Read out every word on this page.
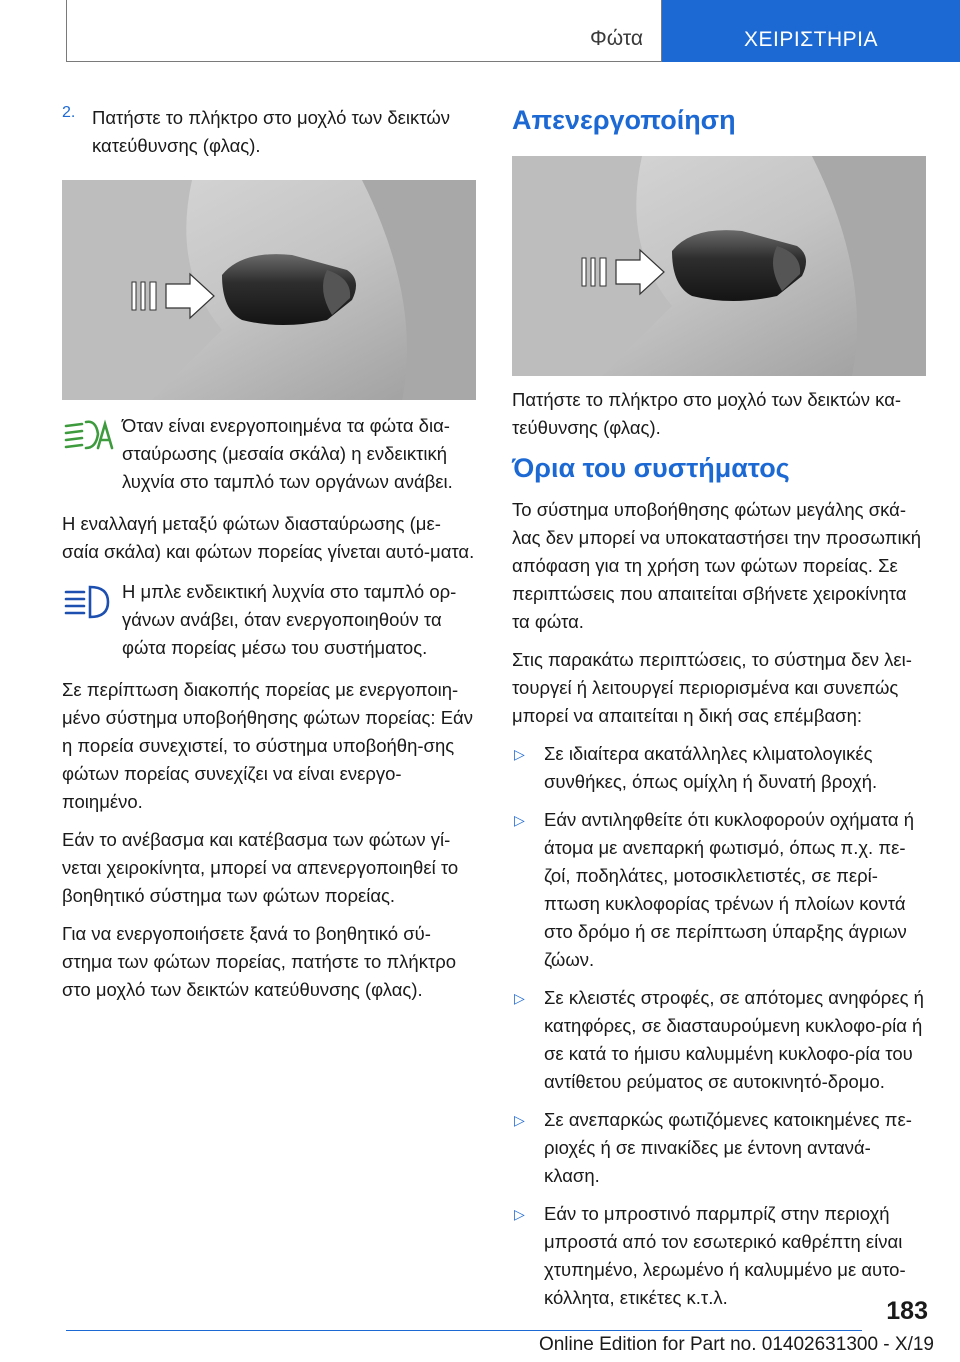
Φώτα	ΧΕΙΡΙΣΤΗΡΙΑ
2. Πατήστε το πλήκτρο στο μοχλό των δεικτών κατεύθυνσης (φλας).

Όταν είναι ενεργοποιημένα τα φώτα δια-σταύρωσης (μεσαία σκάλα) η ενδεικτική λυχνία στο ταμπλό των οργάνων ανάβει.

Η εναλλαγή μεταξύ φώτων διασταύρωσης (με-σαία σκάλα) και φώτων πορείας γίνεται αυτό-ματα.

Η μπλε ενδεικτική λυχνία στο ταμπλό ορ-γάνων ανάβει, όταν ενεργοποιηθούν τα φώτα πορείας μέσω του συστήματος.

Σε περίπτωση διακοπής πορείας με ενεργοποιη-μένο σύστημα υποβοήθησης φώτων πορείας: Εάν η πορεία συνεχιστεί, το σύστημα υποβοήθη-σης φώτων πορείας συνεχίζει να είναι ενεργο-ποιημένο.

Εάν το ανέβασμα και κατέβασμα των φώτων γί-νεται χειροκίνητα, μπορεί να απενεργοποιηθεί το βοηθητικό σύστημα των φώτων πορείας.

Για να ενεργοποιήσετε ξανά το βοηθητικό σύ-στημα των φώτων πορείας, πατήστε το πλήκτρο στο μοχλό των δεικτών κατεύθυνσης (φλας).

Απενεργοποίηση

Πατήστε το πλήκτρο στο μοχλό των δεικτών κα-τεύθυνσης (φλας).

Όρια του συστήματος

Το σύστημα υποβοήθησης φώτων μεγάλης σκά-λας δεν μπορεί να υποκαταστήσει την προσωπική απόφαση για τη χρήση των φώτων πορείας. Σε περιπτώσεις που απαιτείται σβήνετε χειροκίνητα τα φώτα.

Στις παρακάτω περιπτώσεις, το σύστημα δεν λει-τουργεί ή λειτουργεί περιορισμένα και συνεπώς μπορεί να απαιτείται η δική σας επέμβαση:

▷	Σε ιδιαίτερα ακατάλληλες κλιματολογικές συνθήκες, όπως ομίχλη ή δυνατή βροχή.

▷	Εάν αντιληφθείτε ότι κυκλοφορούν οχήματα ή άτομα με ανεπαρκή φωτισμό, όπως π.χ. πε-ζοί, ποδηλάτες, μοτοσικλετιστές, σε περί-πτωση κυκλοφορίας τρένων ή πλοίων κοντά στο δρόμο ή σε περίπτωση ύπαρξης άγριων ζώων.

▷	Σε κλειστές στροφές, σε απότομες ανηφόρες ή κατηφόρες, σε διασταυρούμενη κυκλοφο-ρία ή σε κατά το ήμισυ καλυμμένη κυκλοφο-ρία του αντίθετου ρεύματος σε αυτοκινητό-δρομο.

▷	Σε ανεπαρκώς φωτιζόμενες κατοικημένες πε-ριοχές ή σε πινακίδες με έντονη αντανά-κλαση.

▷	Εάν το μπροστινό παρμπρίζ στην περιοχή μπροστά από τον εσωτερικό καθρέπτη είναι χτυπημένο, λερωμένο ή καλυμμένο με αυτο-κόλλητα, ετικέτες κ.τ.λ.	183
Online Edition for Part no. 01402631300 - X/19
